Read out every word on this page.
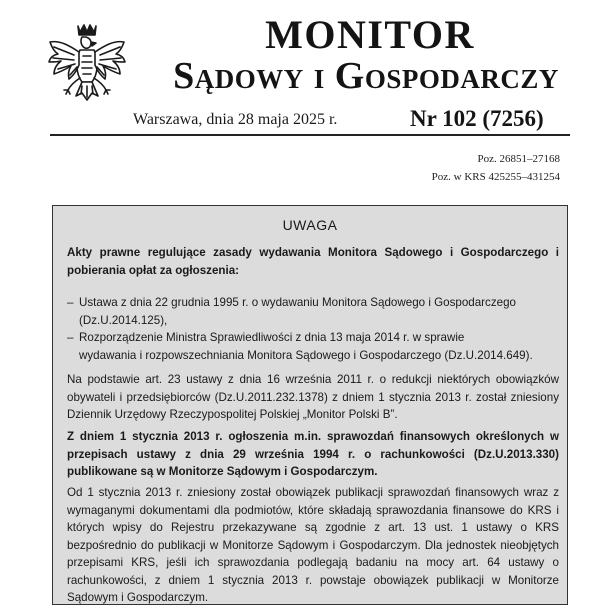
MONITOR
Sądowy i Gospodarczy
Warszawa, dnia 28 maja 2025 r.	Nr 102 (7256)
Poz. 26851–27168
Poz. w KRS 425255–431254
UWAGA
Akty prawne regulujące zasady wydawania Monitora Sądowego i Gospodarczego i pobierania opłat za ogłoszenia:
– Ustawa z dnia 22 grudnia 1995 r. o wydawaniu Monitora Sądowego i Gospodarczego
(Dz.U.2014.125),
– Rozporządzenie Ministra Sprawiedliwości z dnia 13 maja 2014 r. w sprawie
wydawania i rozpowszechniania Monitora Sądowego i Gospodarczego (Dz.U.2014.649).
Na podstawie art. 23 ustawy z dnia 16 września 2011 r. o redukcji niektórych obowiązków obywateli i przedsiębiorców (Dz.U.2011.232.1378) z dniem 1 stycznia 2013 r. został zniesiony Dziennik Urzędowy Rzeczypospolitej Polskiej „Monitor Polski B”.
Z dniem 1 stycznia 2013 r. ogłoszenia m.in. sprawozdań finansowych określonych w przepisach ustawy z dnia 29 września 1994 r. o rachunkowości (Dz.U.2013.330) publikowane są w Monitorze Sądowym i Gospodarczym.
Od 1 stycznia 2013 r. zniesiony został obowiązek publikacji sprawozdań finansowych wraz z wymaganymi dokumentami dla podmiotów, które składają sprawozdania finansowe do KRS i których wpisy do Rejestru przekazywane są zgodnie z art. 13 ust. 1 ustawy o KRS bezpośrednio do publikacji w Monitorze Sądowym i Gospodarczym. Dla jednostek nieobjętych przepisami KRS, jeśli ich sprawozdania podlegają badaniu na mocy art. 64 ustawy o rachunkowości, z dniem 1 stycznia 2013 r. powstaje obowiązek publikacji w Monitorze Sądowym i Gospodarczym.
